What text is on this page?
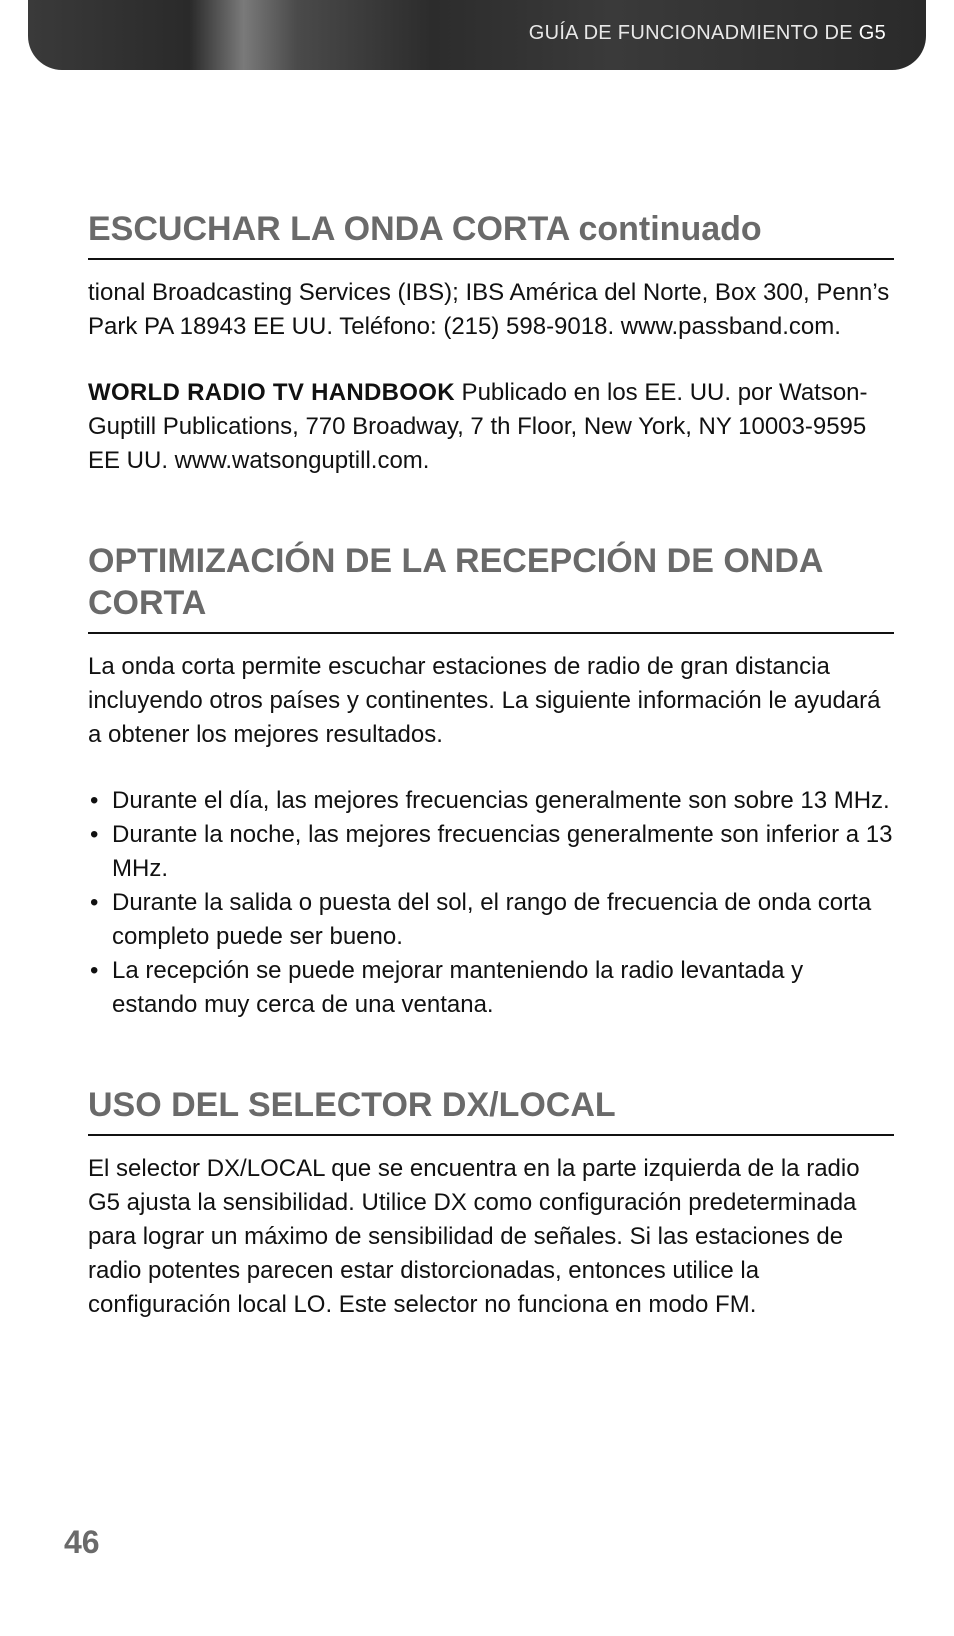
GUÍA DE FUNCIONADMIENTO DE G5
ESCUCHAR LA ONDA CORTA continuado

tional Broadcasting Services (IBS); IBS América del Norte, Box 300, Penn’s Park PA 18943 EE UU. Teléfono: (215) 598-9018. www.passband.com.

WORLD RADIO TV HANDBOOK Publicado en los EE. UU. por Watson-Guptill Publications, 770 Broadway, 7 th Floor, New York, NY 10003-9595 EE UU. www.watsonguptill.com.

OPTIMIZACIÓN DE LA RECEPCIÓN DE ONDA CORTA

La onda corta permite escuchar estaciones de radio de gran distancia incluyendo otros países y continentes. La siguiente información le ayudará a obtener los mejores resultados.

• Durante el día, las mejores frecuencias generalmente son sobre 13 MHz.
• Durante la noche, las mejores frecuencias generalmente son inferior a 13 MHz.
• Durante la salida o puesta del sol, el rango de frecuencia de onda corta completo puede ser bueno.
• La recepción se puede mejorar manteniendo la radio levantada y estando muy cerca de una ventana.
USO DEL SELECTOR DX/LOCAL

El selector DX/LOCAL que se encuentra en la parte izquierda de la radio G5 ajusta la sensibilidad. Utilice DX como configuración predeterminada para lograr un máximo de sensibilidad de señales. Si las estaciones de radio potentes parecen estar distorcionadas, entonces utilice la configuración local LO. Este selector no funciona en modo FM.

46
